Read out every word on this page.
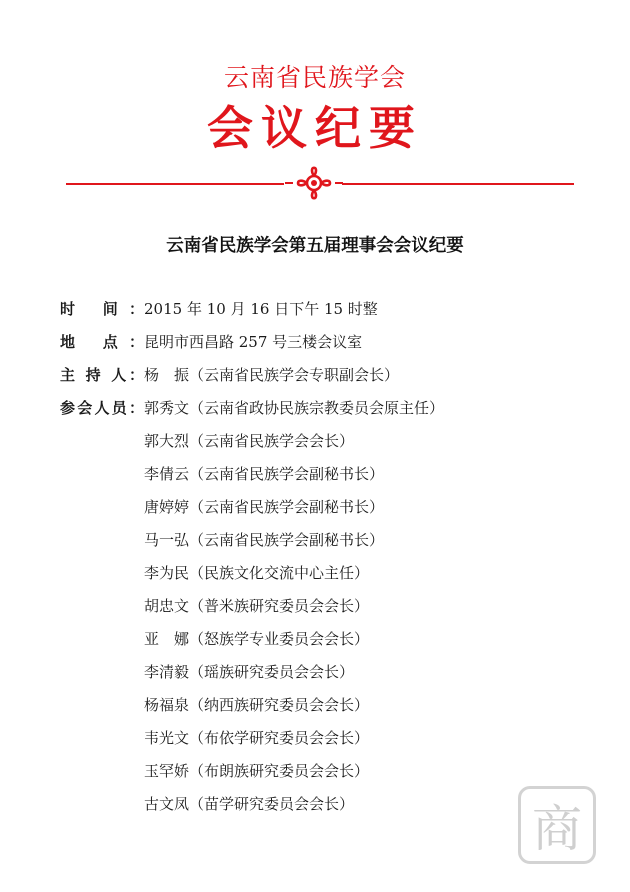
云南省民族学会
会议纪要
云南省民族学会第五届理事会会议纪要
时 间：2015 年 10 月 16 日下午 15 时整
地 点：昆明市西昌路 257 号三楼会议室
主 持 人：杨　振（云南省民族学会专职副会长）
参会人员： 郭秀文（云南省政协民族宗教委员会原主任）
郭大烈（云南省民族学会会长）
李倩云（云南省民族学会副秘书长）
唐婷婷（云南省民族学会副秘书长）
马一弘（云南省民族学会副秘书长）
李为民（民族文化交流中心主任）
胡忠文（普米族研究委员会会长）
亚　娜（怒族学专业委员会会长）
李清毅（瑶族研究委员会会长）
杨福泉（纳西族研究委员会会长）
韦光文（布依学研究委员会会长）
玉罕娇（布朗族研究委员会会长）
古文凤（苗学研究委员会会长）	商
